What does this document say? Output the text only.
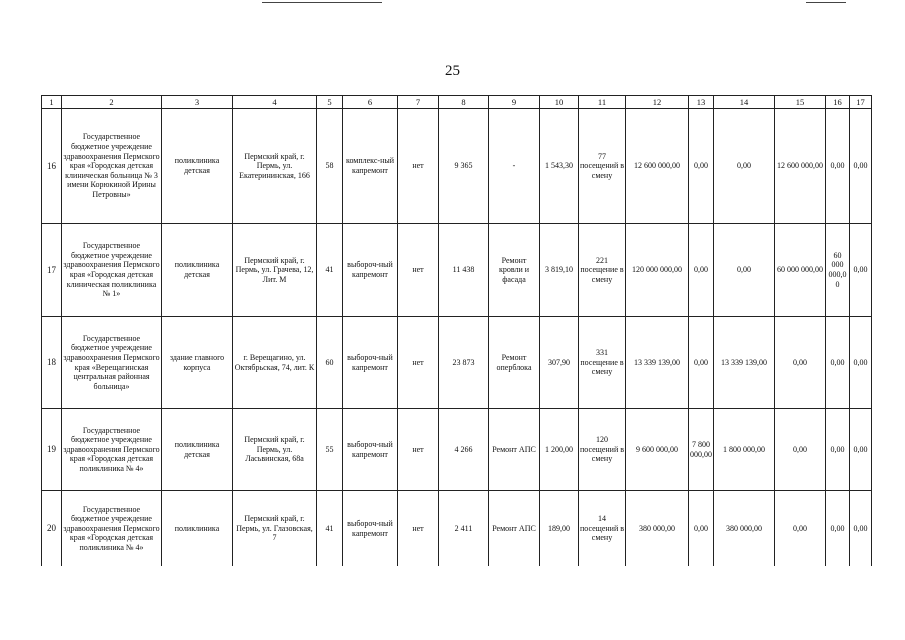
25
1	2	3	4	5	6	7	8	9	10	11	12	13	14	15	16	17
16	Государственное бюджетное учреждение здравоохранения Пермского края «Городская детская клиническая больница № 3 имени Корюкиной Ирины Петровны»	поликлиника детская	Пермский край, г. Пермь, ул. Екатерининская, 166	58	комплекс-ный капремонт	нет	9 365	-	1 543,30	77 посещений в смену	12 600 000,00	0,00	0,00	12 600 000,00	0,00	0,00
17	Государственное бюджетное учреждение здравоохранения Пермского края «Городская детская клиническая поликлиника № 1»	поликлиника детская	Пермский край, г. Пермь, ул. Грачева, 12, Лит. М	41	выбороч-ный капремонт	нет	11 438	Ремонт кровли и фасада	3 819,10	221 посещение в смену	120 000 000,00	0,00	0,00	60 000 000,00	60 000 000,00	0,00
18	Государственное бюджетное учреждение здравоохранения Пермского края «Верещагинская центральная районная больница»	здание главного корпуса	г. Верещагино, ул. Октябрьская, 74, лит. К	60	выбороч-ный капремонт	нет	23 873	Ремонт оперблока	307,90	331 посещение в смену	13 339 139,00	0,00	13 339 139,00	0,00	0,00	0,00
19	Государственное бюджетное учреждение здравоохранения Пермского края «Городская детская поликлиника № 4»	поликлиника детская	Пермский край, г. Пермь, ул. Ласьвинская, 68а	55	выбороч-ный капремонт	нет	4 266	Ремонт АПС	1 200,00	120 посещений в смену	9 600 000,00	7 800 000,00	1 800 000,00	0,00	0,00	0,00
20	Государственное бюджетное учреждение здравоохранения Пермского края «Городская детская поликлиника № 4»	поликлиника	Пермский край, г. Пермь, ул. Глазовская, 7	41	выбороч-ный капремонт	нет	2 411	Ремонт АПС	189,00	14 посещений в смену	380 000,00	0,00	380 000,00	0,00	0,00	0,00
